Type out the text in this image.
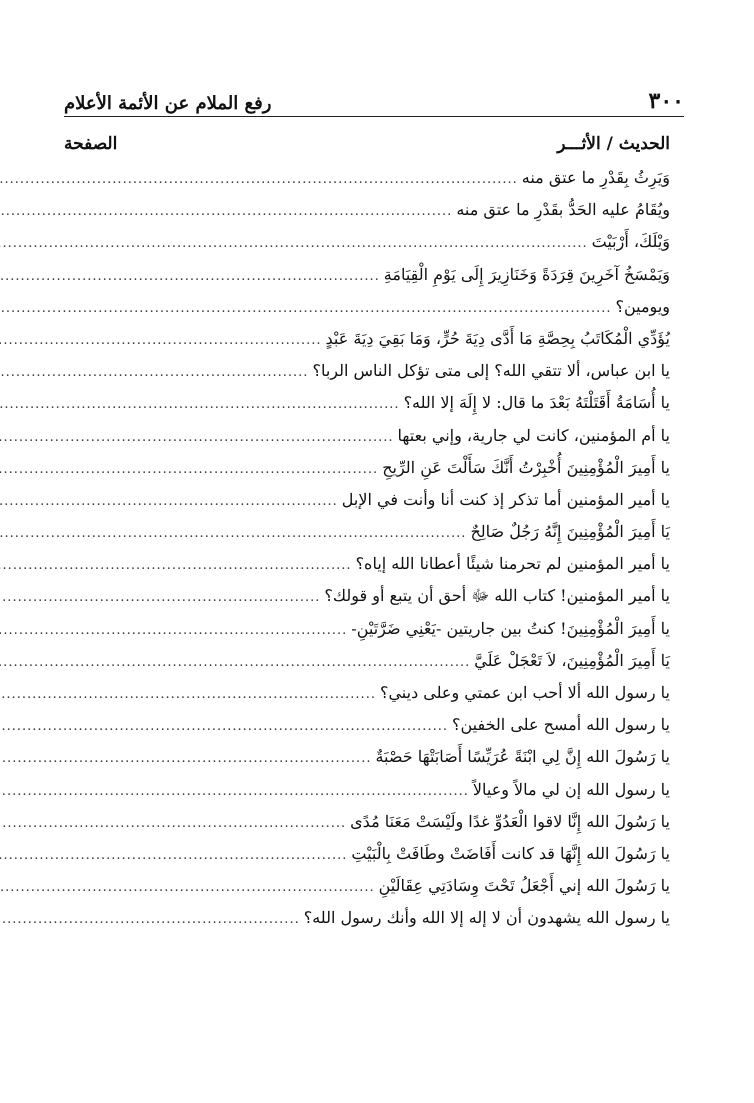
٣٠٠
رفع الملام عن الأئمة الأعلام
الحديث / الأثـــر
الصفحة
وَيَرِثُ بِقَدْرِ ما عتق منه
.....
ويُقَامُ عليه الحَدُّ بقَدْرِ ما عتق منه
.....
وَيْلَكَ، أَرْبَيْتَ
.....
وَيَمْسَخُ آخَرِينَ قِرَدَةً وَخَنَازِيرَ إِلَى يَوْمِ الْقِيَامَةِ
.....
ويومين؟
.....
يُؤَدِّي الْمُكَاتَبُ بِحِصَّةِ مَا أَدَّى دِيَةَ حُرٍّ، وَمَا بَقِيَ دِيَةَ عَبْدٍ
.....
يا ابن عباس، ألا تتقي الله؟ إلى متى تؤكل الناس الربا؟
.....
يا أُسَامَةُ أَقَتَلْتَهُ بَعْدَ ما قال: لا إِلَهَ إلا الله؟
.....
يا أم المؤمنين، كانت لي جارية، وإني بعتها
.....
يا أَمِيرَ الْمُؤْمِنِينَ أُخْبِرْتُ أَنَّكَ سَأَلْتَ عَنِ الرِّيحِ
.....
يا أمير المؤمنين أما تذكر إذ كنت أنا وأنت في الإبل
.....
يَا أَمِيرَ الْمُؤْمِنِينَ إِنَّهُ رَجُلٌ صَالِحٌ
.....
يا أمير المؤمنين لم تحرمنا شيئًا أعطانا الله إياه؟
.....
يا أمير المؤمنين! كتاب الله ﷻ أحق أن يتبع أو قولك؟
.....
يا أَمِيرَ الْمُؤْمِنِينَ! كنتُ بين جاريتين -يَعْنِي ضَرَّتَيْنِ-
.....
يَا أَمِيرَ الْمُؤْمِنِينَ، لاَ تَعْجَلْ عَلَيَّ
.....
يا رسول الله ألا أحب ابن عمتي وعلى ديني؟
.....
يا رسول الله أمسح على الخفين؟
.....
يا رَسُولَ الله إِنَّ لِي ابْنَةً عُرَيِّسًا أَصَابَتْهَا حَصْبَةٌ
.....
يا رسول الله إن لي مالاً وعيالاً
.....
يا رَسُولَ الله إِنَّا لاقوا الْعَدُوِّ غدًا ولَيْسَتْ مَعَنَا مُدًى
.....
يا رَسُولَ الله إِنَّهَا قد كانت أَفَاضَتْ وطَافَتْ بِالْبَيْتِ
.....
يا رَسُولَ الله إني أَجْعَلُ تَحْتَ وِسَادَتِي عِقَالَيْنِ
.....
يا رسول الله يشهدون أن لا إله إلا الله وأنك رسول الله؟
.....
